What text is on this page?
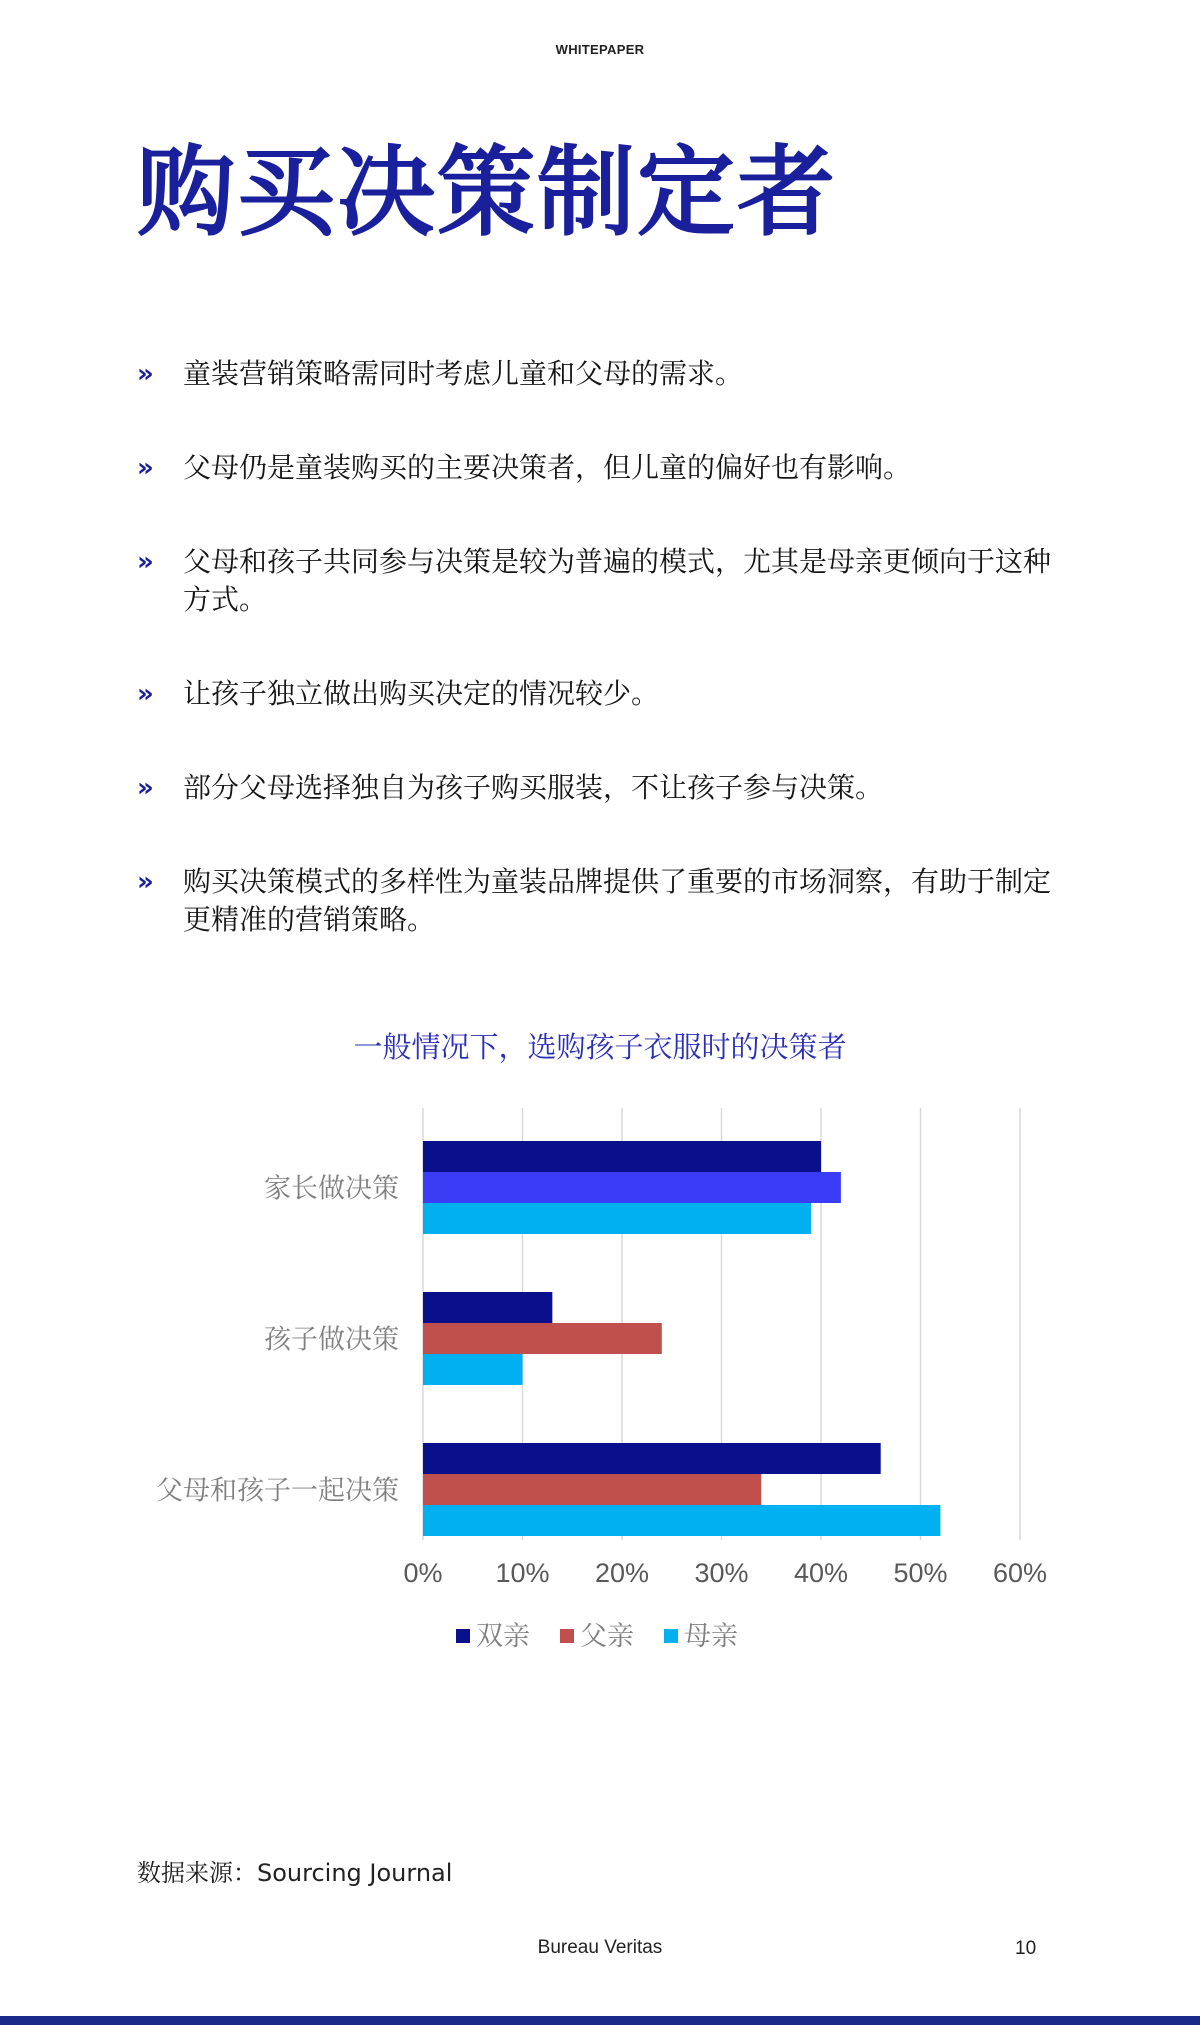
WHITEPAPER
购买决策制定者
» 童装营销策略需同时考虑儿童和父母的需求。
» 父母仍是童装购买的主要决策者，但儿童的偏好也有影响。
» 父母和孩子共同参与决策是较为普遍的模式，尤其是母亲更倾向于这种方式。
» 让孩子独立做出购买决定的情况较少。
» 部分父母选择独自为孩子购买服装，不让孩子参与决策。
» 购买决策模式的多样性为童装品牌提供了重要的市场洞察，有助于制定更精准的营销策略。
一般情况下，选购孩子衣服时的决策者
0% 10% 20% 30% 40% 50% 60%
家长做决策
孩子做决策
父母和孩子一起决策
双亲 父亲 母亲
数据来源：Sourcing Journal
Bureau Veritas	10
